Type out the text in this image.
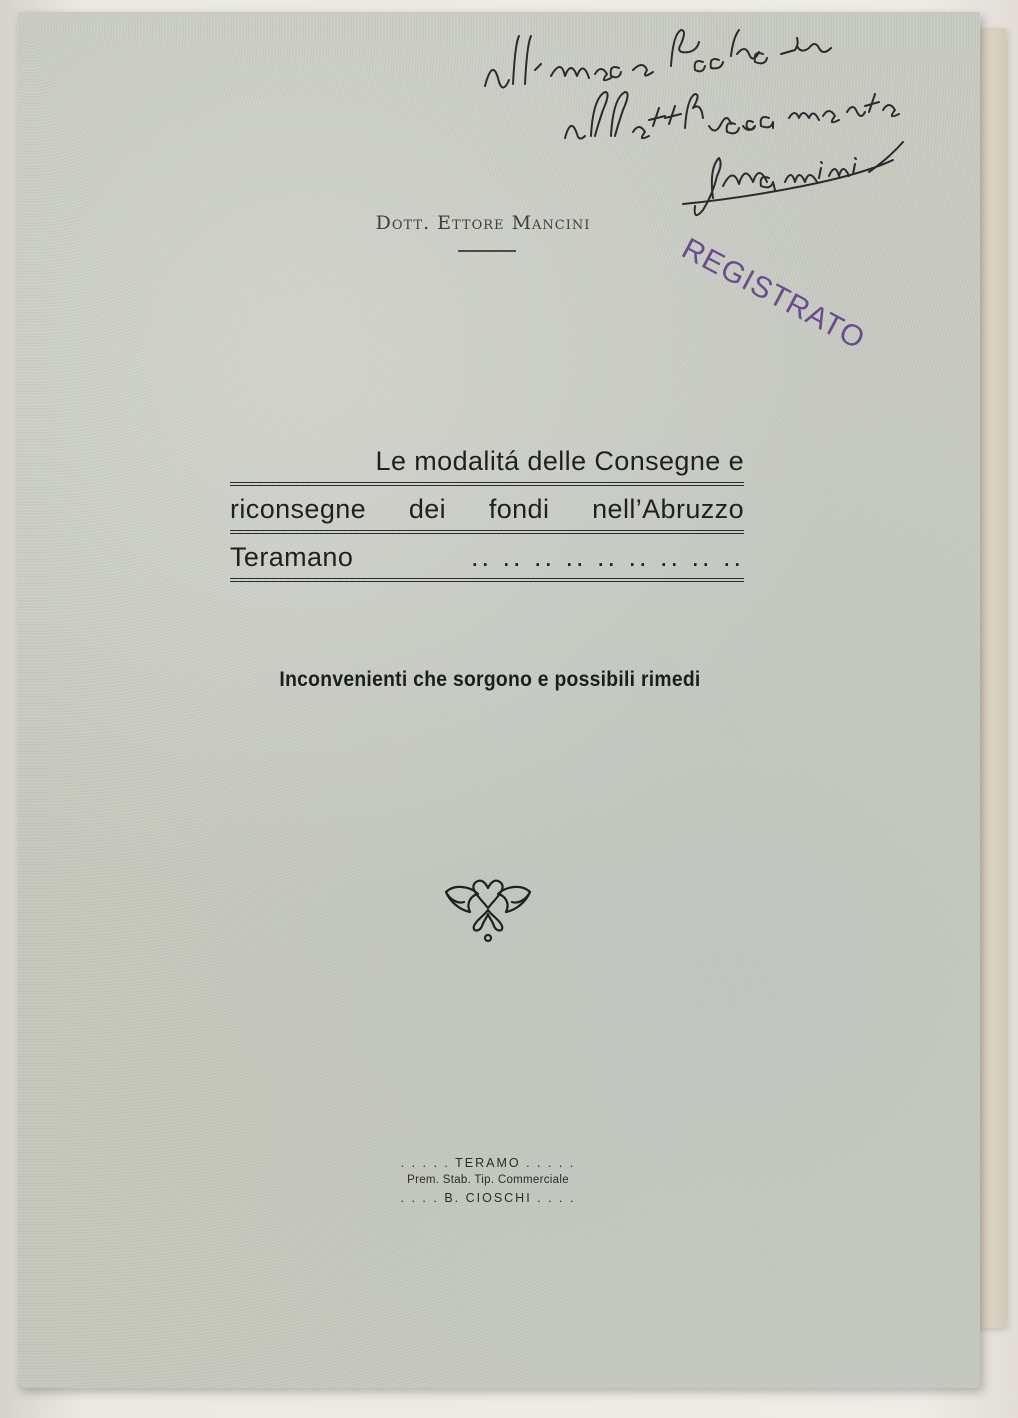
REGISTRATO
Dott. Ettore Mancini
Le modalitá delle Consegne e
riconsegne dei fondi nell’Abruzzo
Teramano	.. .. .. .. .. .. .. .. ..
Inconvenienti che sorgono e possibili rimedi
. . . . . TERAMO . . . . .
Prem. Stab. Tip. Commerciale
. . . . B. CIOSCHI . . . .
